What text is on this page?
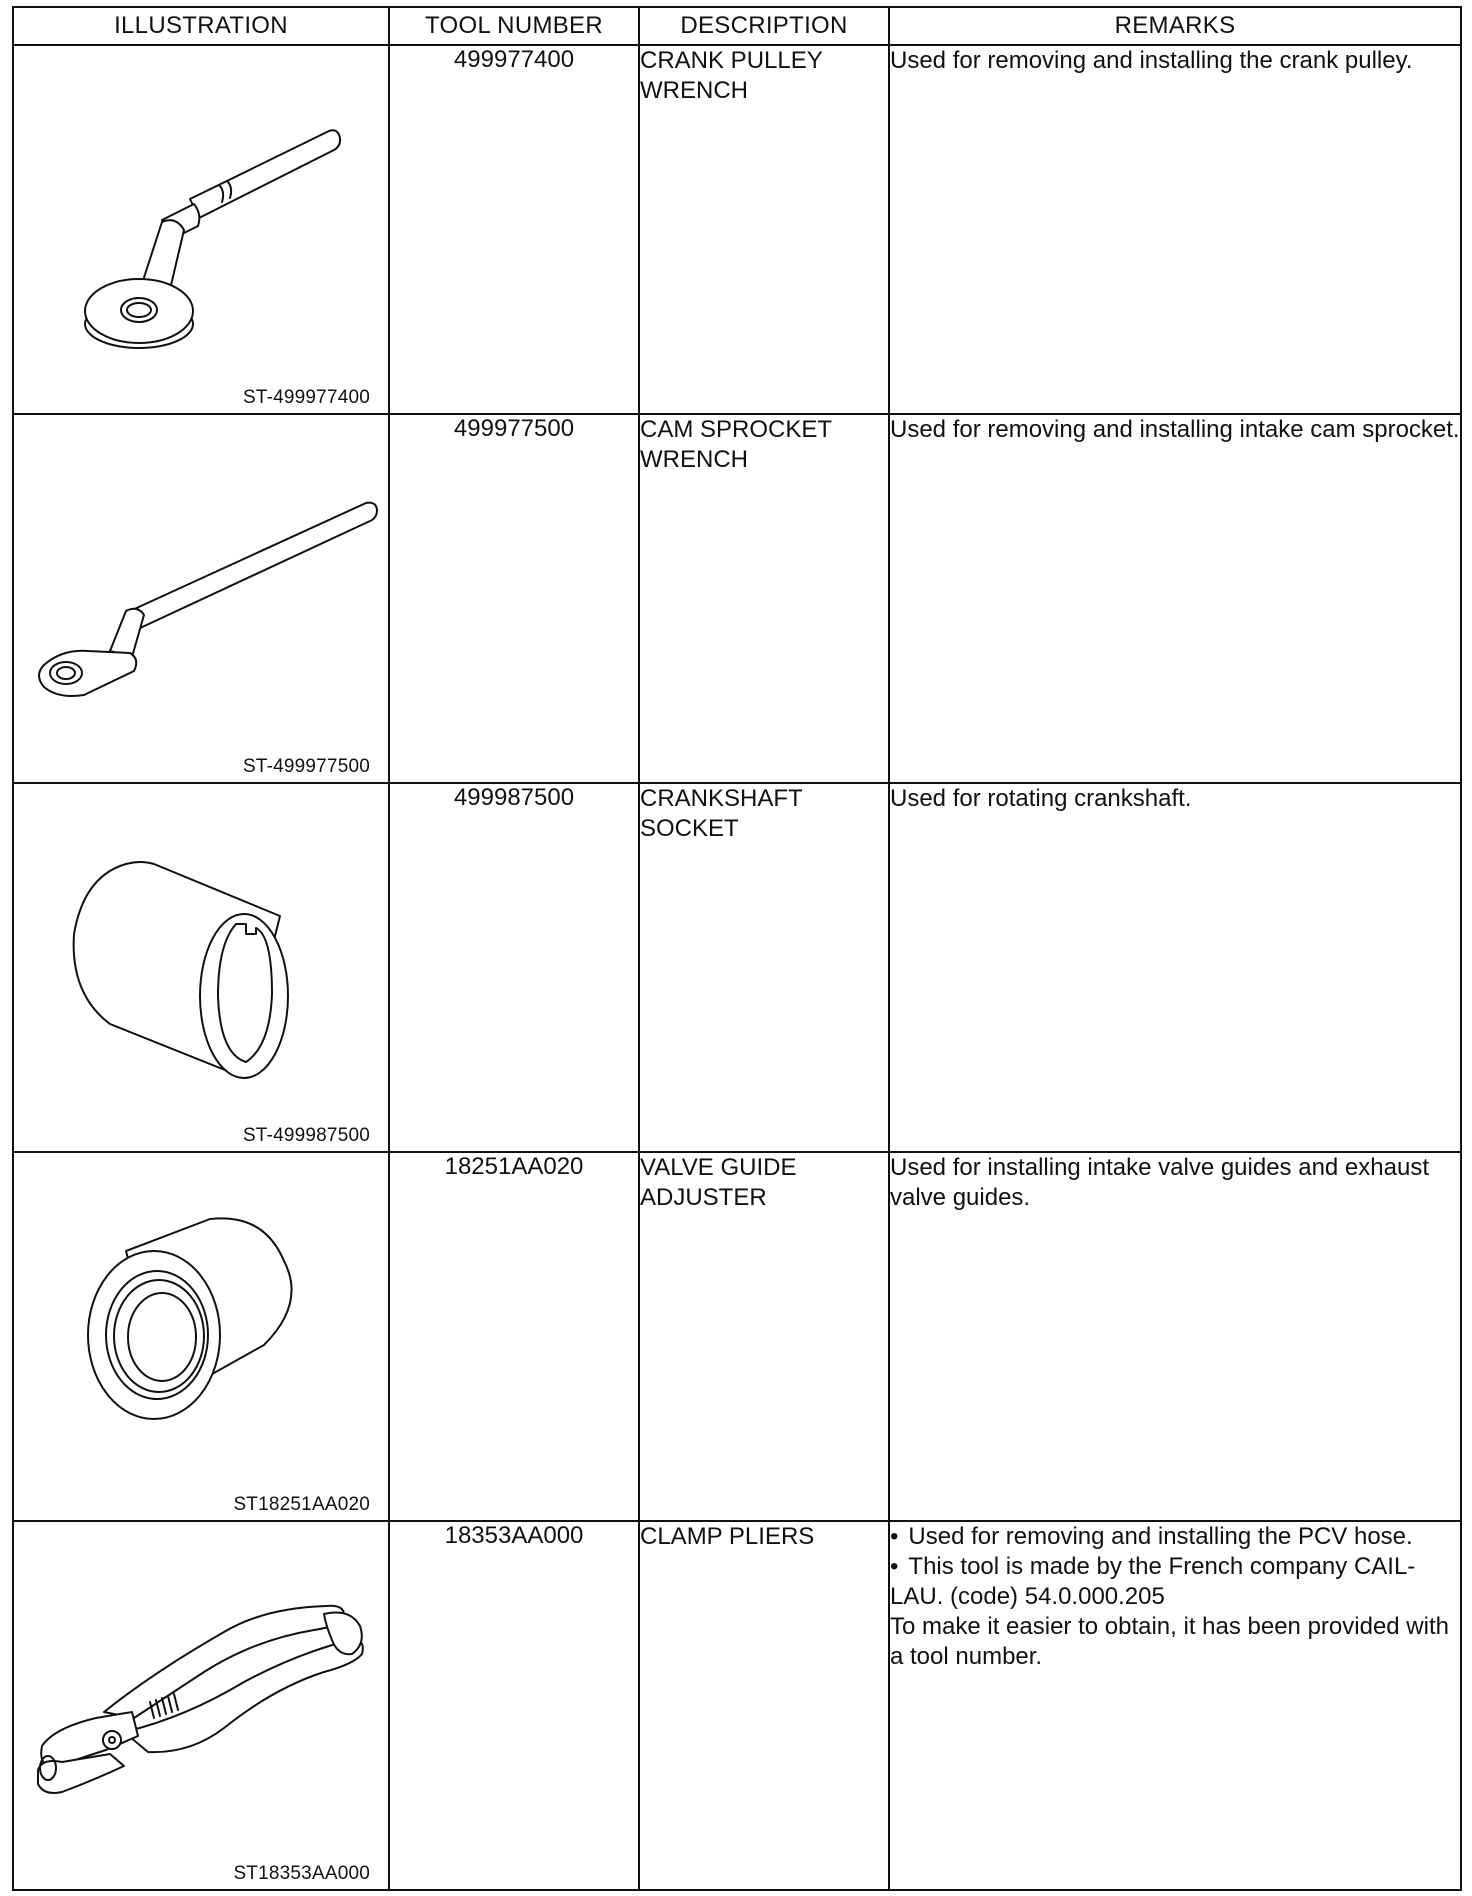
ILLUSTRATION	TOOL NUMBER	DESCRIPTION	REMARKS

ST-499977400	499977400	CRANK PULLEY WRENCH	Used for removing and installing the crank pulley.

ST-499977500	499977500	CAM SPROCKET WRENCH	Used for removing and installing intake cam sprocket.

ST-499987500	499987500	CRANKSHAFT SOCKET	Used for rotating crankshaft.

ST18251AA020	18251AA020	VALVE GUIDE ADJUSTER	Used for installing intake valve guides and exhaust valve guides.

ST18353AA000	18353AA000	CLAMP PLIERS	• Used for removing and installing the PCV hose.
• This tool is made by the French company CAIL-LAU. (code) 54.0.000.205
To make it easier to obtain, it has been provided with a tool number.
